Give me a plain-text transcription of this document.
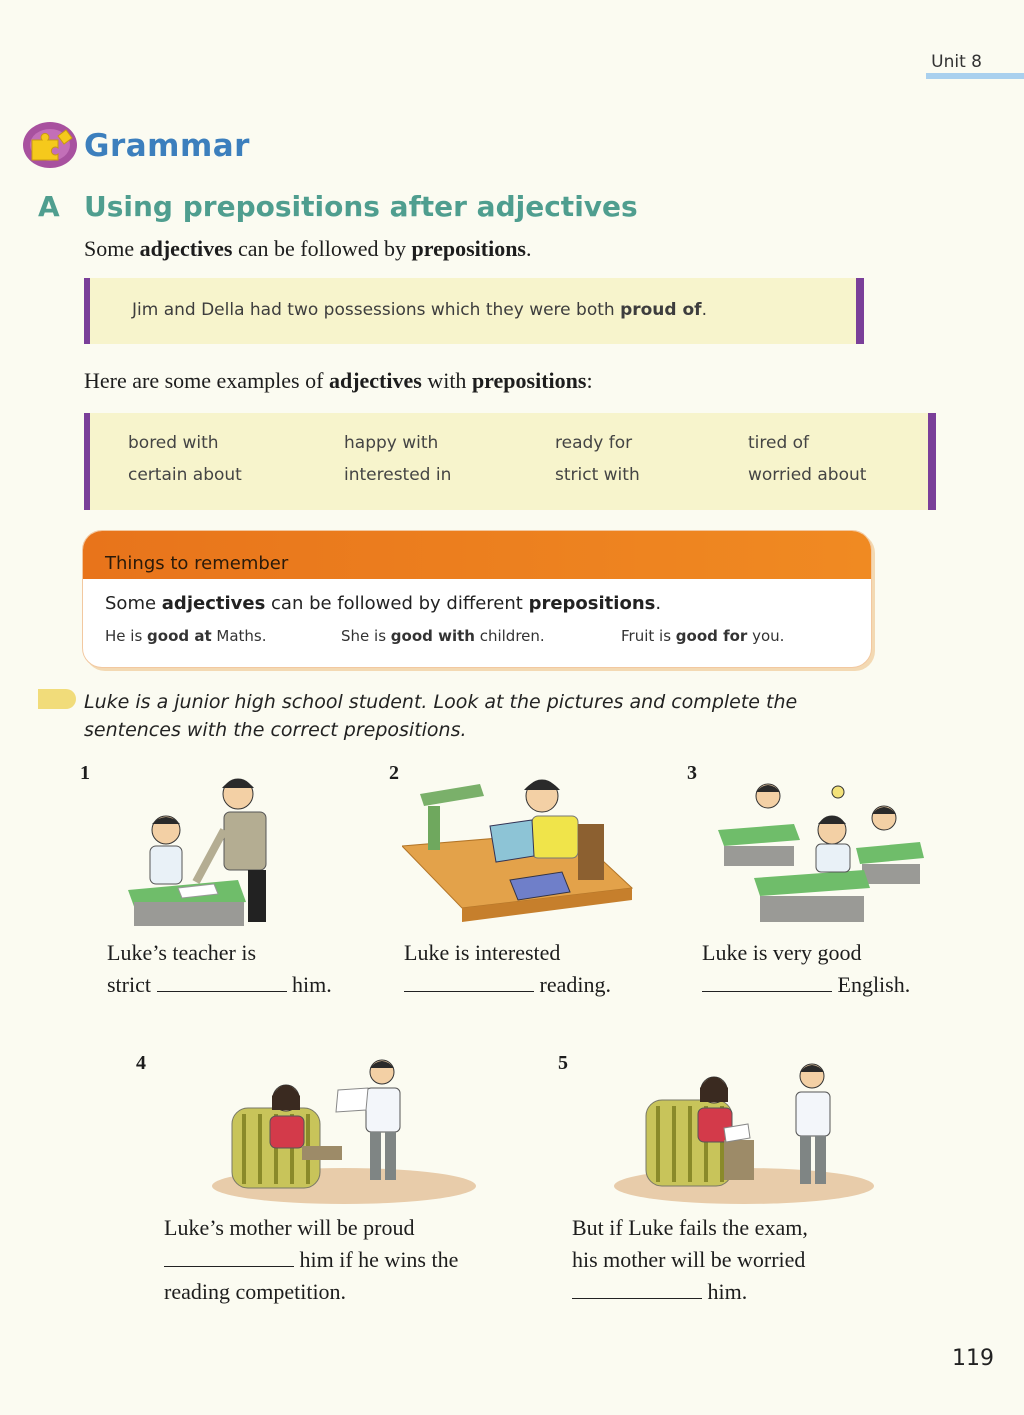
Unit 8
Grammar
A Using prepositions after adjectives
Some adjectives can be followed by prepositions.
Jim and Della had two possessions which they were both proud of.
Here are some examples of adjectives with prepositions:
bored with	happy with	ready for	tired of
certain about	interested in	strict with	worried about
Things to remember
Some adjectives can be followed by different prepositions.
He is good at Maths.	She is good with children.	Fruit is good for you.
Luke is a junior high school student. Look at the pictures and complete the sentences with the correct prepositions.
1
Luke’s teacher is
strict	him.
2
Luke is interested
reading.
3
Luke is very good
English.
4
Luke’s mother will be proud
him if he wins the
reading competition.
5
But if Luke fails the exam,
his mother will be worried
him.
119
